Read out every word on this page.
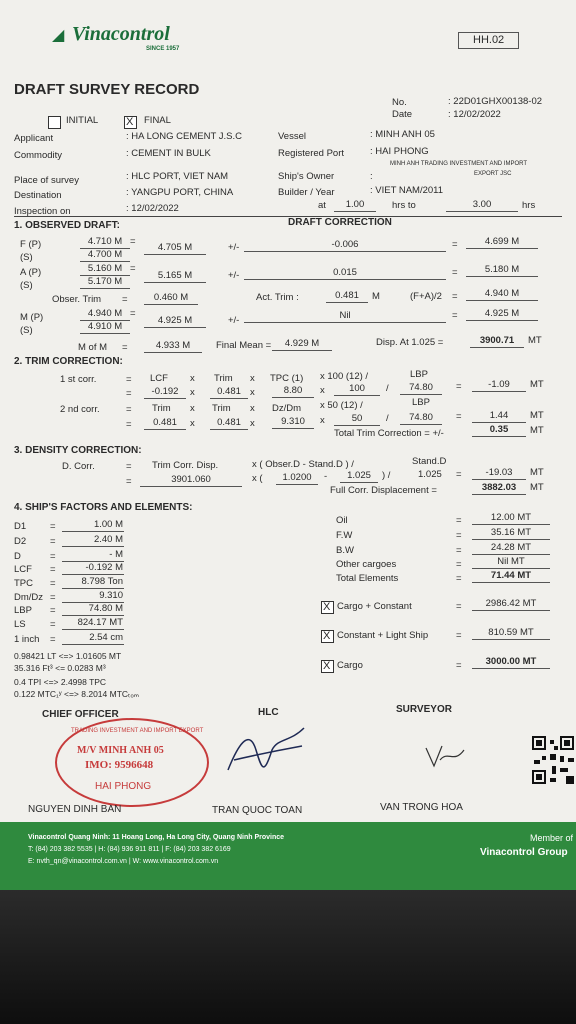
◢ Vinacontrol
SINCE 1957
HH.02
DRAFT SURVEY RECORD
No.	: 22D01GHX00138-02
Date	: 12/02/2022
INITIAL	X FINAL
Applicant	: HA LONG CEMENT J.S.C	Vessel	: MINH ANH 05
Commodity	: CEMENT IN BULK	Registered Port	: HAI PHONG
MINH ANH TRADING INVESTMENT AND IMPORT
EXPORT JSC
Place of survey	: HLC PORT, VIET NAM	Ship's Owner	:
Destination	: YANGPU PORT, CHINA	Builder / Year	: VIET NAM/2011
Inspection on	: 12/02/2022	at	1.00	hrs to	3.00	hrs
1. OBSERVED DRAFT:	DRAFT CORRECTION
F (P)
(S)
4.710 M =
4.700 M
4.705 M	+/-	-0.006	=	4.699 M
A (P)
(S)
5.160 M =
5.170 M
5.165 M	+/-	0.015	=	5.180 M
Obser. Trim =	0.460 M	Act. Trim :	0.481	M	(F+A)/2 =	4.940 M
M (P)
(S)
4.940 M =
4.910 M
4.925 M	+/-	Nil	=	4.925 M
M of M =	4.933 M	Final Mean =	4.929 M	Disp. At 1.025 =	3900.71	MT
2. TRIM CORRECTION:
1 st corr.	= LCF x Trim x TPC (1) x 100 (12) /	LBP
=	-0.192	x	0.481 x	8.80	x	100	/	74.80	=	-1.09	MT
2 nd corr.	= Trim x Trim x Dz/Dm x 50 (12) /	LBP
=	0.481	x	0.481 x	9.310	x	50	/	74.80	=	1.44	MT
Total Trim Correction = +/-	0.35	MT
3. DENSITY CORRECTION:
D. Corr.	= Trim Corr. Disp.	x ( Obser.D - Stand.D ) /	Stand.D
=	3901.060	x (	1.0200	-	1.025	) /	1.025 =	-19.03	MT
Full Corr. Displacement =	3882.03	MT
4. SHIP'S FACTORS AND ELEMENTS:
D1	=	1.00 M
D2	=	2.40 M
D	=	- M
LCF =	-0.192 M
TPC =	8.798 Ton
Dm/Dz =	9.310
LBP =	74.80 M
LS	=	824.17 MT
1 inch =	2.54 cm
Oil	=	12.00 MT
F.W	=	35.16 MT
B.W	=	24.28 MT
Other cargoes	=	Nil MT
Total Elements	=	71.44 MT
X Cargo + Constant	=	2986.42 MT
X Constant + Light Ship	=	810.59 MT
X Cargo	=	3000.00 MT
0.98421 LT <=> 1.01605 MT
35.316 Ft³ <= 0.0283 M³
0.4 TPI <=> 2.4998 TPC
0.122 MTC₁ʸ <=> 8.2014 MTCₜₒₘ
CHIEF OFFICER	HLC	SURVEYOR
TRADING INVESTMENT AND IMPORT EXPORT
M/V MINH ANH 05
IMO: 9596648
HAI PHONG
NGUYEN DINH BAN	TRAN QUOC TOAN	VAN TRONG HOA
Vinacontrol Quang Ninh: 11 Hoang Long, Ha Long City, Quang Ninh Province
T: (84) 203 382 5535 | H: (84) 936 911 811 | F: (84) 203 382 6169
E: nvth_qn@vinacontrol.com.vn | W: www.vinacontrol.com.vn
Member of
Vinacontrol Group
